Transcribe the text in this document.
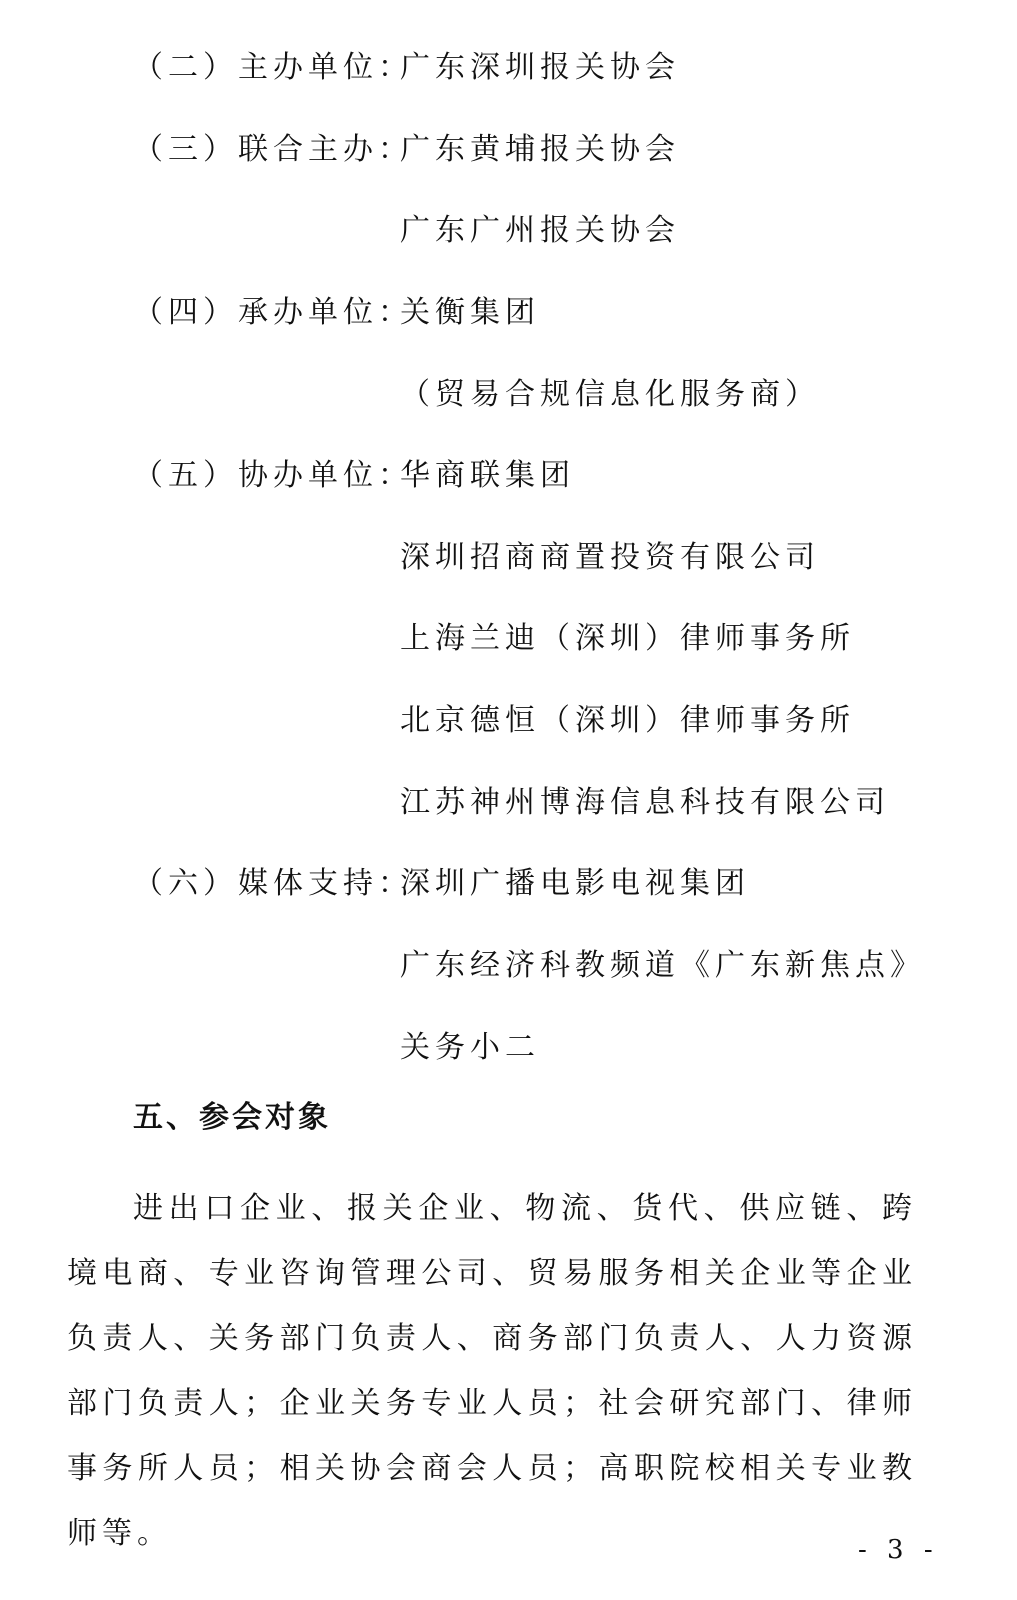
（二）主办单位：
广东深圳报关协会
（三）联合主办：
广东黄埔报关协会
广东广州报关协会
（四）承办单位：
关衡集团
（贸易合规信息化服务商）
（五）协办单位：
华商联集团
深圳招商商置投资有限公司
上海兰迪（深圳）律师事务所
北京德恒（深圳）律师事务所
江苏神州博海信息科技有限公司
（六）媒体支持：
深圳广播电影电视集团
广东经济科教频道《广东新焦点》
关务小二
五、参会对象
进出口企业、报关企业、物流、货代、供应链、跨境电商、专业咨询管理公司、贸易服务相关企业等企业负责人、关务部门负责人、商务部门负责人、人力资源部门负责人；企业关务专业人员；社会研究部门、律师事务所人员；相关协会商会人员；高职院校相关专业教师等。	- 3 -
